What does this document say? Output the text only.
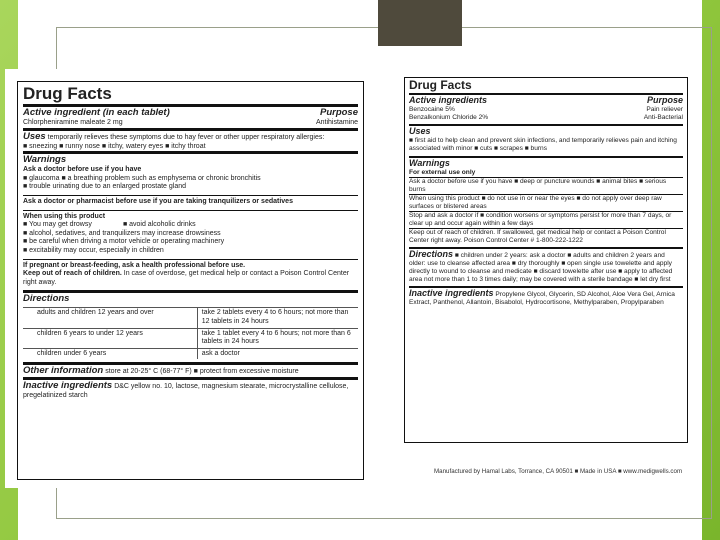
Drug Facts
Active ingredient (in each tablet)	Purpose
Chlorpheniramine maleate 2 mg	Antihistamine
Uses temporarily relieves these symptoms due to hay fever or other upper respiratory allergies:
■ sneezing ■ runny nose ■ itchy, watery eyes ■ itchy throat
Warnings
Ask a doctor before use if you have
■ glaucoma ■ a breathing problem such as emphysema or chronic bronchitis
■ trouble urinating due to an enlarged prostate gland
Ask a doctor or pharmacist before use if you are taking tranquilizers or sedatives
When using this product
■ You may get drowsy                ■ avoid alcoholic drinks
■ alcohol, sedatives, and tranquilizers may increase drowsiness
■ be careful when driving a motor vehicle or operating machinery
■ excitability may occur, especially in children
If pregnant or breast-feeding, ask a health professional before use.
Keep out of reach of children. In case of overdose, get medical help or contact a Poison Control Center right away.
Directions
adults and children 12 years and over	take 2 tablets every 4 to 6 hours; not more than 12 tablets in 24 hours
children 6 years to under 12 years	take 1 tablet every 4 to 6 hours; not more than 6 tablets in 24 hours
children under 6 years	ask a doctor
Other information store at 20-25° C (68-77° F) ■ protect from excessive moisture
Inactive ingredients D&C yellow no. 10, lactose, magnesium stearate, microcrystalline cellulose, pregelatinized starch
Drug Facts
Active ingredients	Purpose
Benzocaine 5%	Pain reliever
Benzalkonium Chloride 2%	Anti-Bacterial
Uses
■ first aid to help clean and prevent skin infections, and temporarily relieves pain and itching associated with minor ■ cuts ■ scrapes ■ burns
Warnings
For external use only
Ask a doctor before use if you have ■ deep or puncture wounds ■ animal bites ■ serious burns
When using this product ■ do not use in or near the eyes ■ do not apply over deep raw surfaces or blistered areas
Stop and ask a doctor if ■ condition worsens or symptoms persist for more than 7 days, or clear up and occur again within a few days
Keep out of reach of children. If swallowed, get medical help or contact a Poison Control Center right away. Poison Control Center # 1-800-222-1222
Directions ■ children under 2 years: ask a doctor ■ adults and children 2 years and older: use to cleanse affected area ■ dry thoroughly ■ open single use towelette and apply directly to wound to cleanse and medicate ■ discard towelette after use ■ apply to affected area not more than 1 to 3 times daily; may be covered with a sterile bandage ■ let dry first
Inactive ingredients Propylene Glycol, Glycerin, SD Alcohol, Aloe Vera Gel, Arnica Extract, Panthenol, Allantoin, Bisabolol, Hydrocortisone, Methylparaben, Propylparaben
Manufactured by Hamal Labs, Torrance, CA 90501 ■ Made in USA ■ www.medigwells.com
